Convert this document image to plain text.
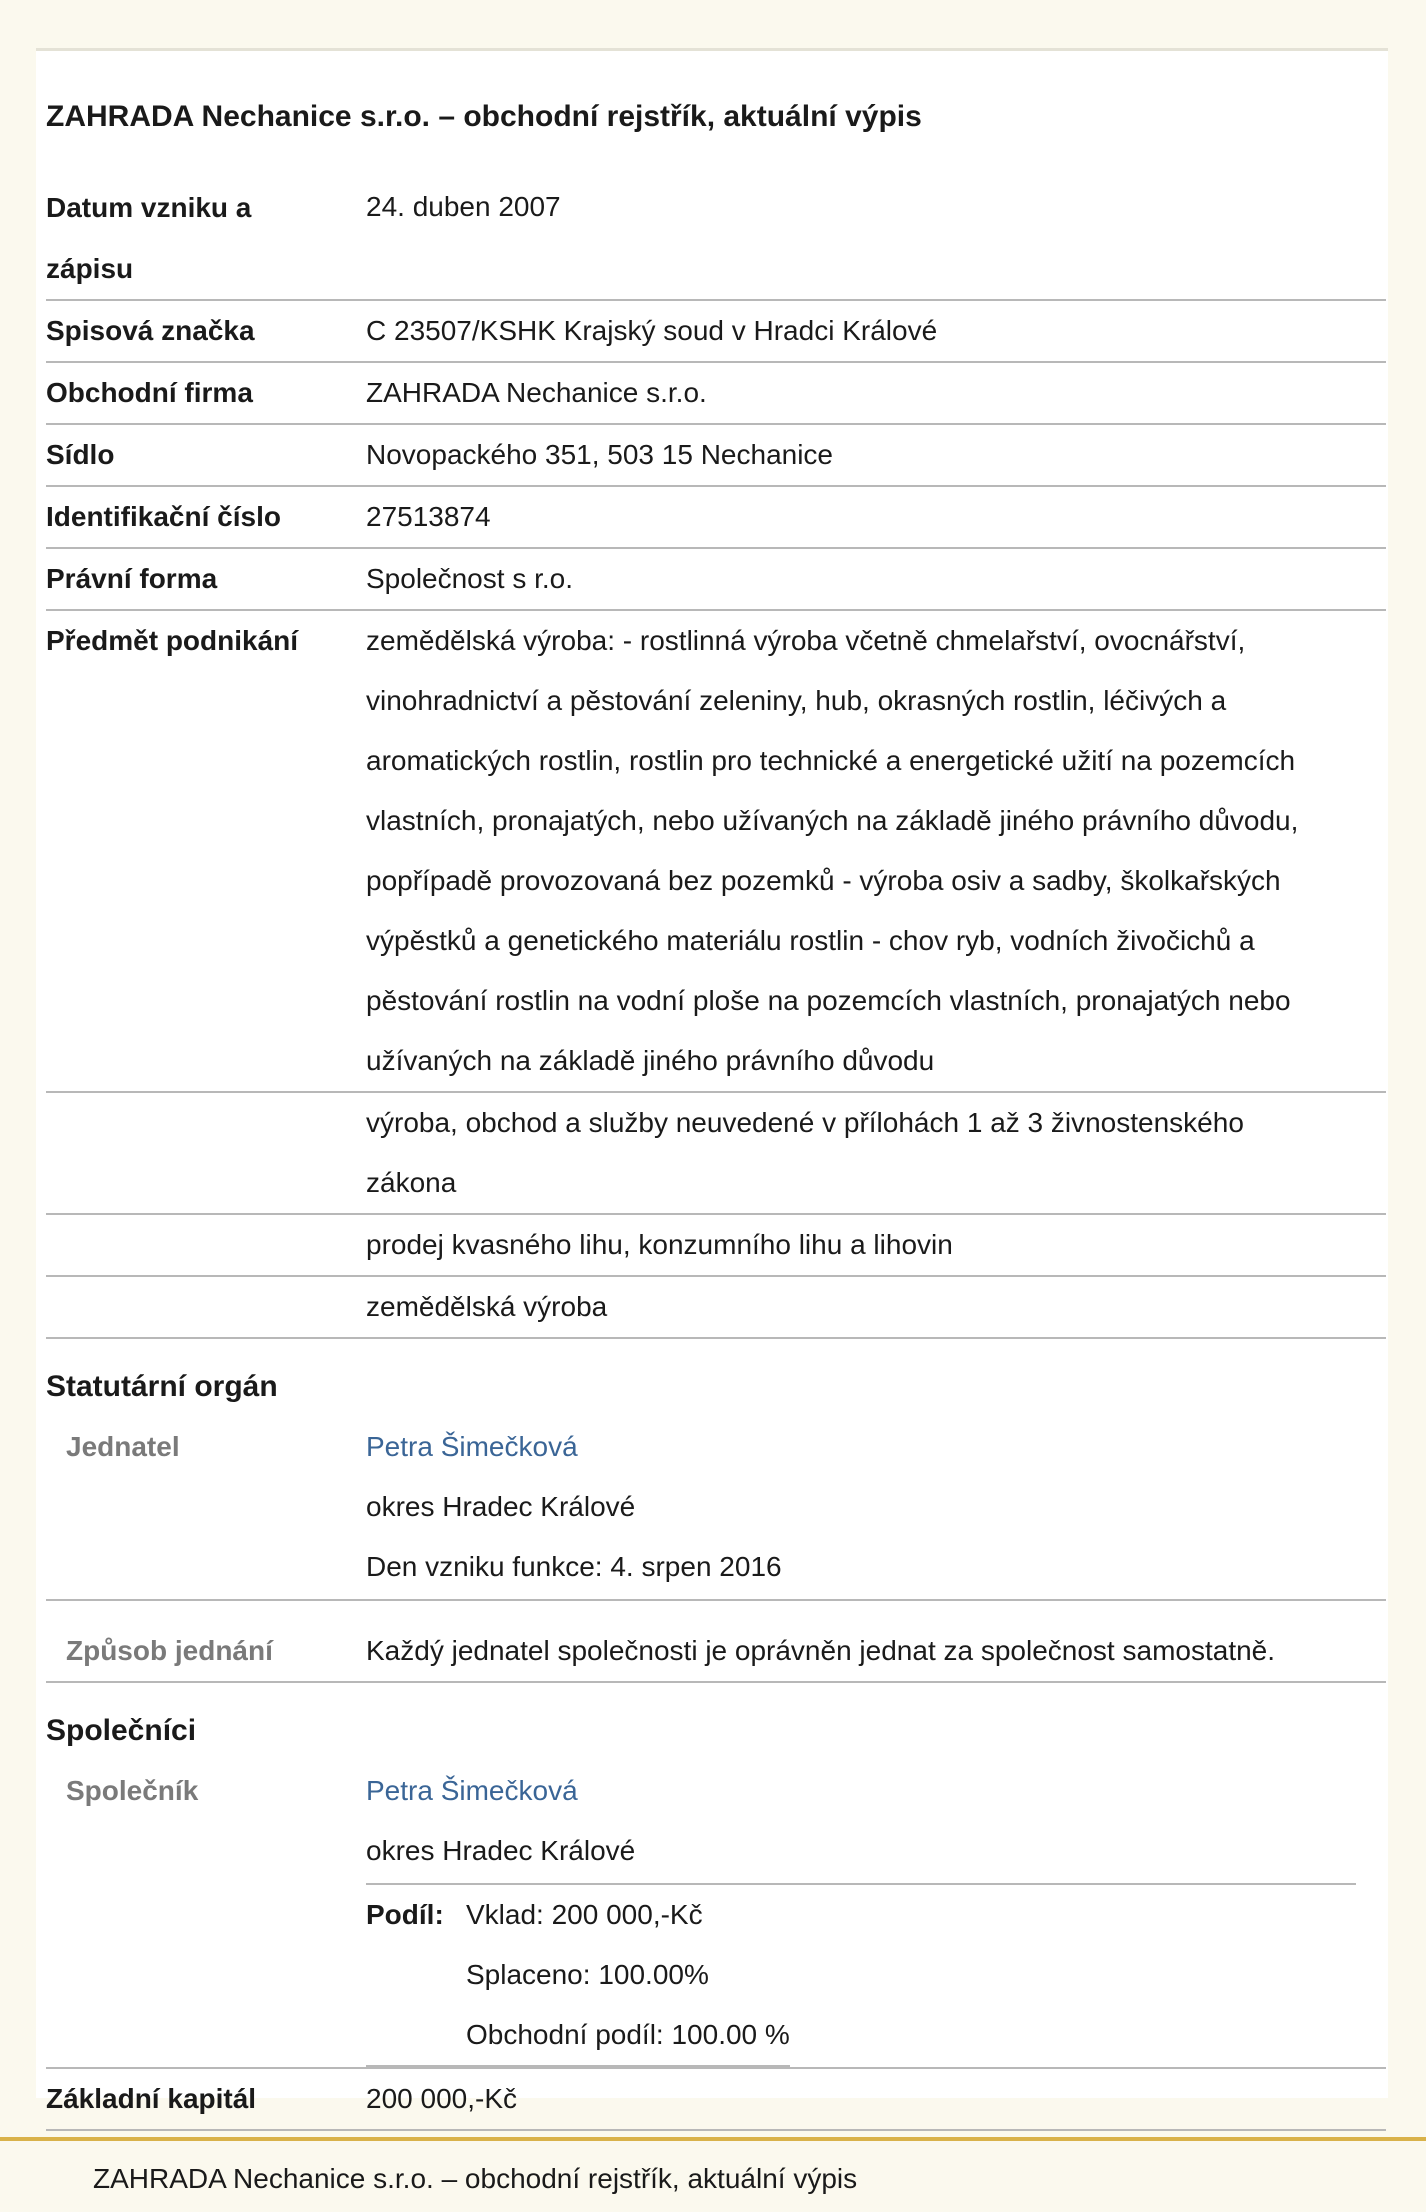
ZAHRADA Nechanice s.r.o. – obchodní rejstřík, aktuální výpis
Datum vzniku a zápisu	24. duben 2007
Spisová značka	C 23507/KSHK Krajský soud v Hradci Králové
Obchodní firma	ZAHRADA Nechanice s.r.o.
Sídlo	Novopackého 351, 503 15 Nechanice
Identifikační číslo	27513874
Právní forma	Společnost s r.o.
Předmět podnikání	zemědělská výroba: - rostlinná výroba včetně chmelařství, ovocnářství, vinohradnictví a pěstování zeleniny, hub, okrasných rostlin, léčivých a aromatických rostlin, rostlin pro technické a energetické užití na pozemcích vlastních, pronajatých, nebo užívaných na základě jiného právního důvodu, popřípadě provozovaná bez pozemků - výroba osiv a sadby, školkařských výpěstků a genetického materiálu rostlin - chov ryb, vodních živočichů a pěstování rostlin na vodní ploše na pozemcích vlastních, pronajatých nebo užívaných na základě jiného právního důvodu
	výroba, obchod a služby neuvedené v přílohách 1 až 3 živnostenského zákona
	prodej kvasného lihu, konzumního lihu a lihovin
	zemědělská výroba
Statutární orgán
Jednatel	Petra Šimečková
okres Hradec Králové
Den vzniku funkce: 4. srpen 2016

Způsob jednání	Každý jednatel společnosti je oprávněn jednat za společnost samostatně.
Společníci
Společník	Petra Šimečková
okres Hradec Králové
Podíl:	Vklad: 200 000,-Kč
Splaceno: 100.00%
Obchodní podíl: 100.00 %

Základní kapitál	200 000,-Kč
ZAHRADA Nechanice s.r.o. – obchodní rejstřík, aktuální výpis
